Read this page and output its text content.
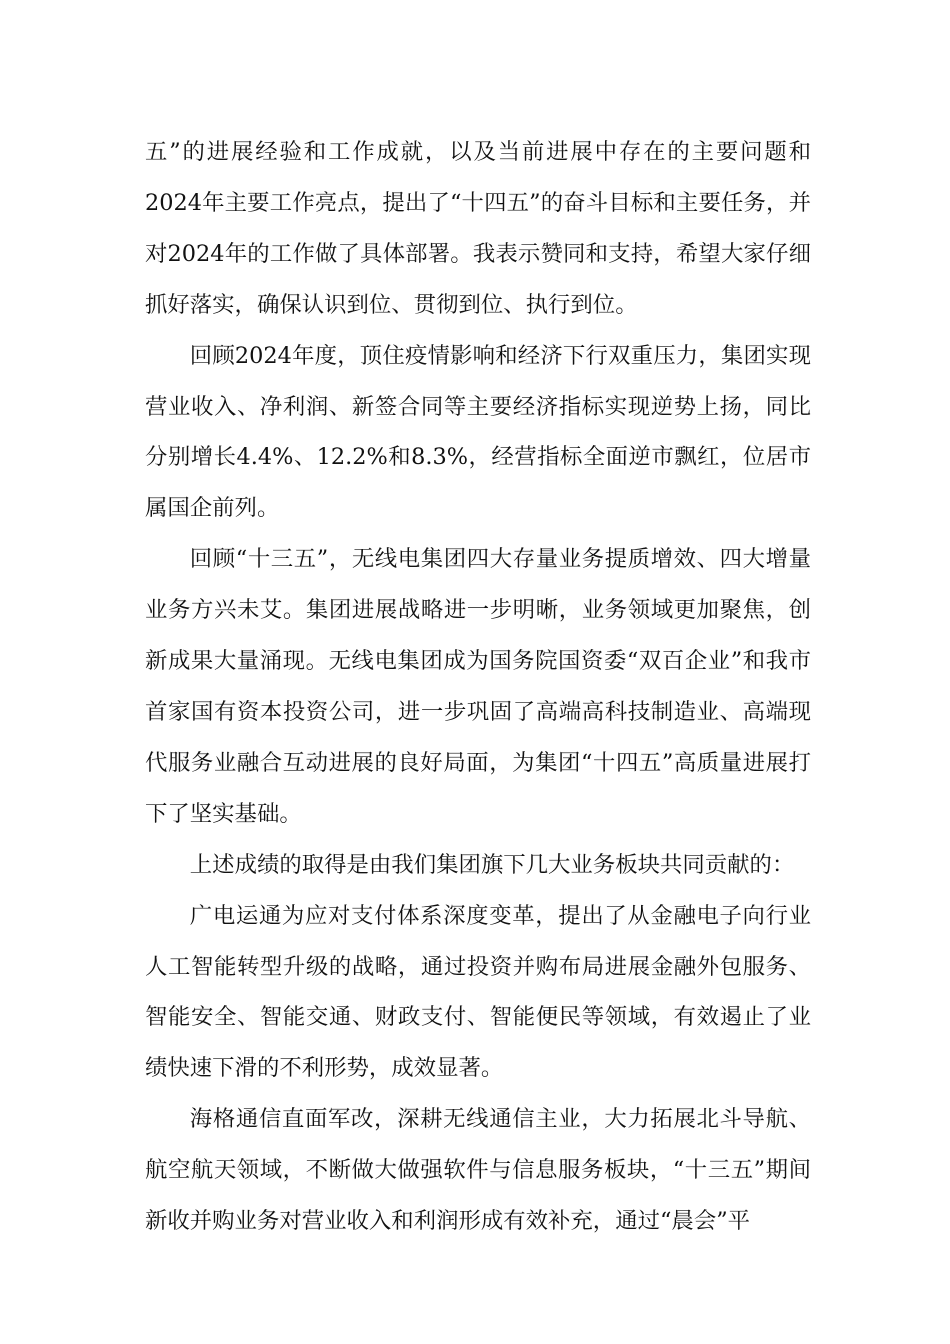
五”的进展经验和工作成就，以及当前进展中存在的主要问题和2024年主要工作亮点，提出了“十四五”的奋斗目标和主要任务，并对2024年的工作做了具体部署。我表示赞同和支持，希望大家仔细抓好落实，确保认识到位、贯彻到位、执行到位。

回顾2024年度，顶住疫情影响和经济下行双重压力，集团实现营业收入、净利润、新签合同等主要经济指标实现逆势上扬，同比分别增长4.4%、12.2%和8.3%，经营指标全面逆市飘红，位居市属国企前列。

回顾“十三五”，无线电集团四大存量业务提质增效、四大增量业务方兴未艾。集团进展战略进一步明晰，业务领域更加聚焦，创新成果大量涌现。无线电集团成为国务院国资委“双百企业”和我市首家国有资本投资公司，进一步巩固了高端高科技制造业、高端现代服务业融合互动进展的良好局面，为集团“十四五”高质量进展打下了坚实基础。

上述成绩的取得是由我们集团旗下几大业务板块共同贡献的：

广电运通为应对支付体系深度变革，提出了从金融电子向行业人工智能转型升级的战略，通过投资并购布局进展金融外包服务、智能安全、智能交通、财政支付、智能便民等领域，有效遏止了业绩快速下滑的不利形势，成效显著。

海格通信直面军改，深耕无线通信主业，大力拓展北斗导航、航空航天领域，不断做大做强软件与信息服务板块，“十三五”期间新收并购业务对营业收入和利润形成有效补充，通过“晨会”平
